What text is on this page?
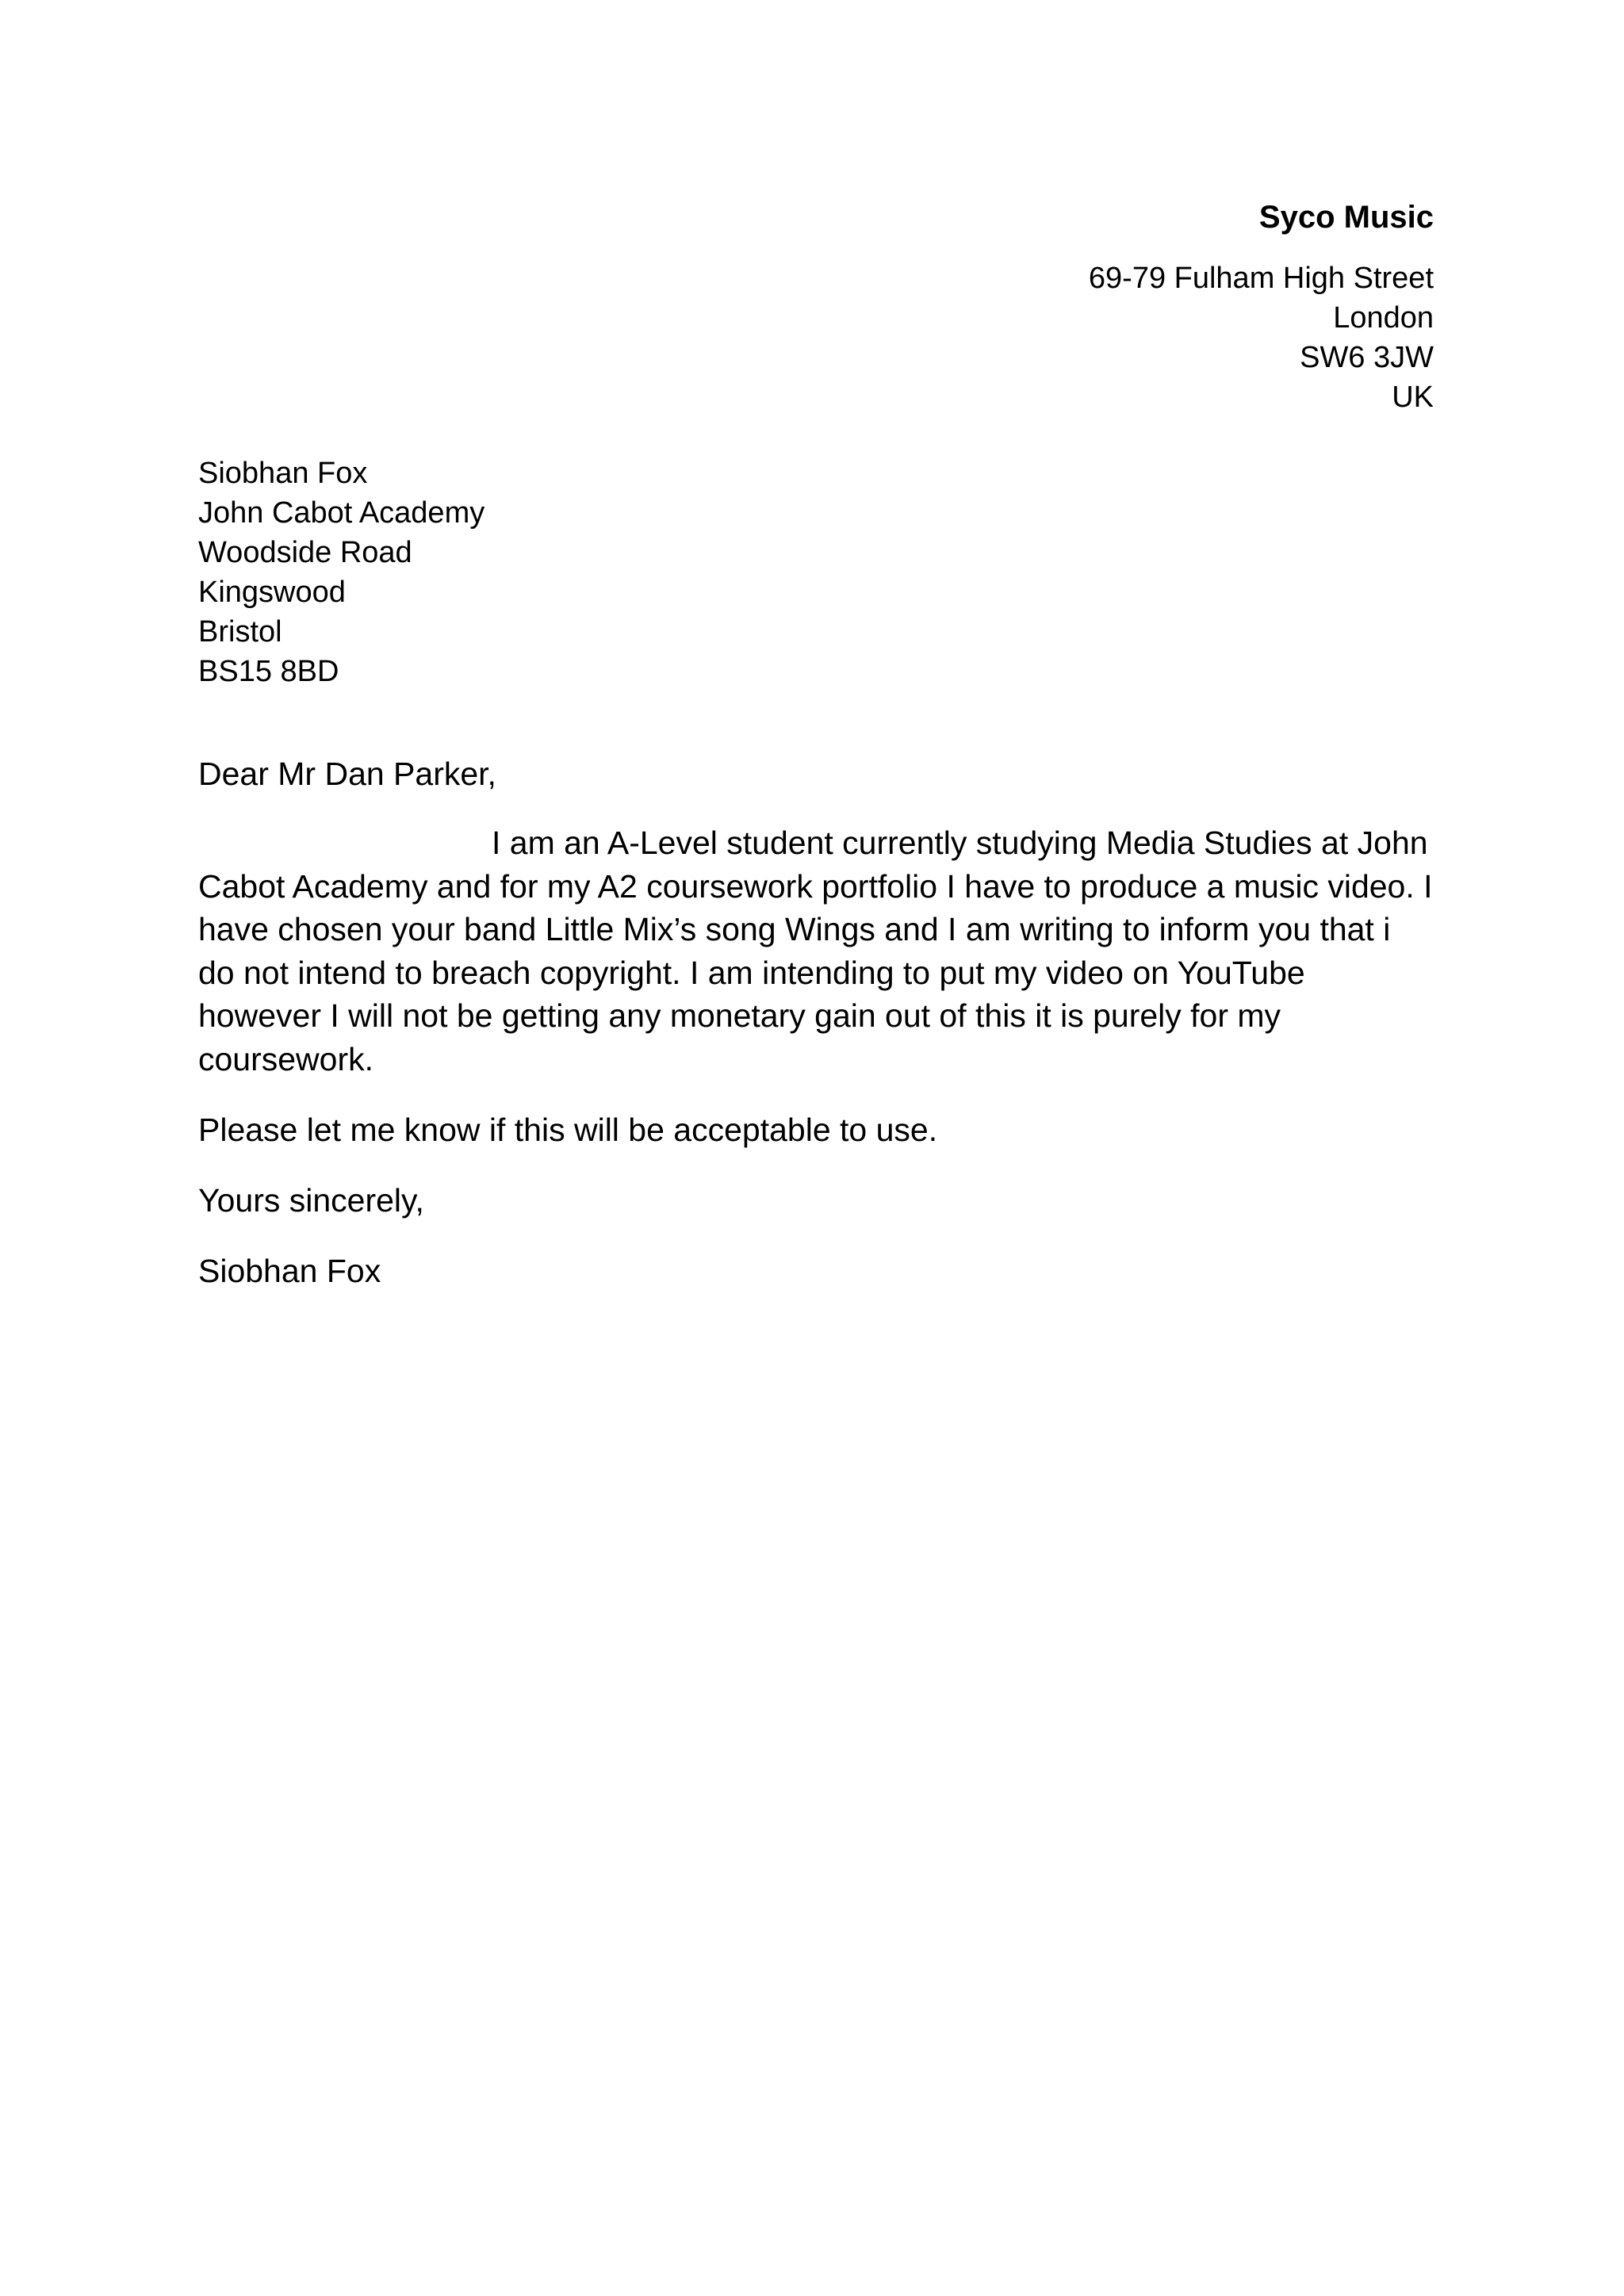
Syco Music
69-79 Fulham High Street
London
SW6 3JW
UK
Siobhan Fox
John Cabot Academy
Woodside Road
Kingswood
Bristol
BS15 8BD

Dear Mr Dan Parker,

I am an A-Level student currently studying Media Studies at John Cabot Academy and for my A2 coursework portfolio I have to produce a music video. I have chosen your band Little Mix’s song Wings and I am writing to inform you that i do not intend to breach copyright. I am intending to put my video on YouTube however I will not be getting any monetary gain out of this it is purely for my coursework.

Please let me know if this will be acceptable to use.

Yours sincerely,

Siobhan Fox
